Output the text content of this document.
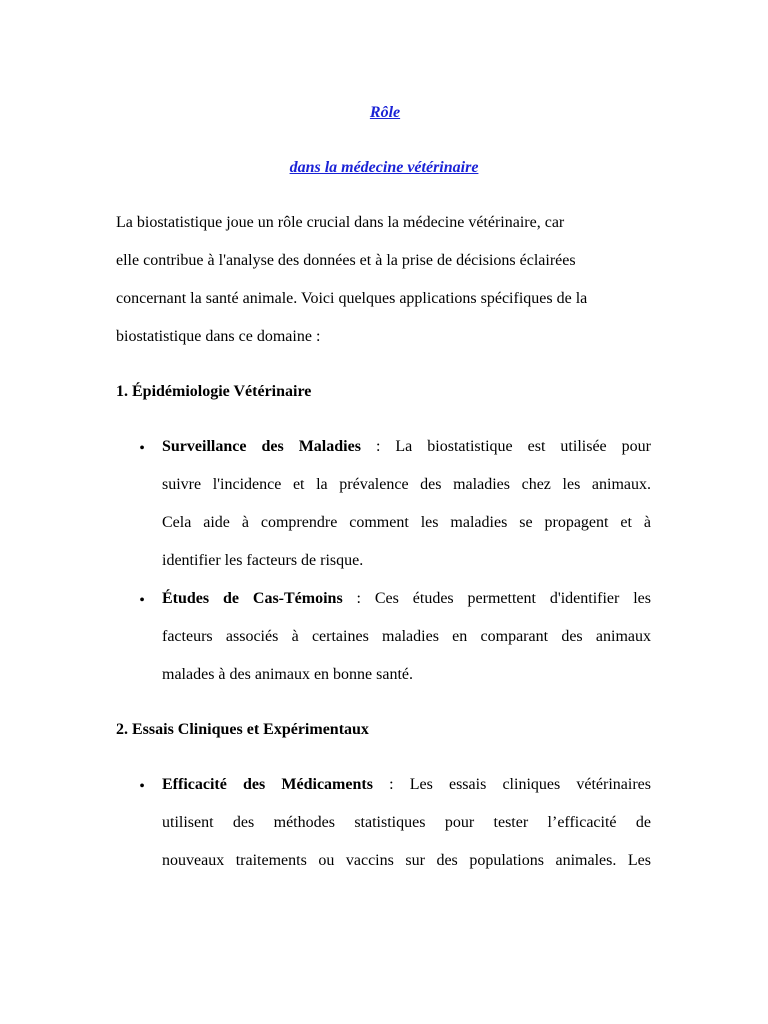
Rôle

dans la médecine vétérinaire

La biostatistique joue un rôle crucial dans la médecine vétérinaire, car
elle contribue à l'analyse des données et à la prise de décisions éclairées
concernant la santé animale. Voici quelques applications spécifiques de la
biostatistique dans ce domaine :

1. Épidémiologie Vétérinaire

• Surveillance des Maladies : La biostatistique est utilisée pour
suivre l'incidence et la prévalence des maladies chez les animaux.
Cela aide à comprendre comment les maladies se propagent et à
identifier les facteurs de risque.
• Études de Cas-Témoins : Ces études permettent d'identifier les
facteurs associés à certaines maladies en comparant des animaux
malades à des animaux en bonne santé.

2. Essais Cliniques et Expérimentaux

• Efficacité des Médicaments : Les essais cliniques vétérinaires
utilisent des méthodes statistiques pour tester l’efficacité de
nouveaux traitements ou vaccins sur des populations animales. Les
